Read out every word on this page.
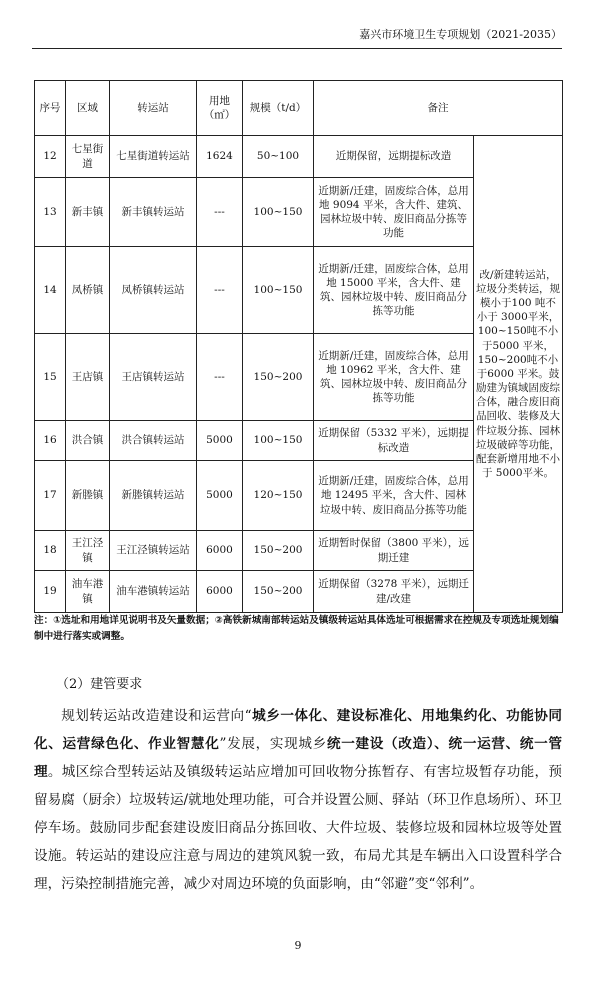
嘉兴市环境卫生专项规划（2021-2035）
序号	区域	转运站	用地（㎡）	规模（t/d）	备注	
12	七星街道	七星街道转运站	1624	50~100	近期保留，远期提标改造	改/新建转运站，垃圾分类转运，规模小于100 吨不小于 3000平米，100~150吨不小于5000 平米，150~200吨不小于6000 平米。鼓励建为镇域固废综合体，融合废旧商品回收、装修及大件垃圾分拣、园林垃圾破碎等功能，配套新增用地不小于 5000平米。
13	新丰镇	新丰镇转运站	---	100~150	近期新/迁建，固废综合体，总用地 9094 平米，含大件、建筑、园林垃圾中转、废旧商品分拣等功能	
14	凤桥镇	凤桥镇转运站	---	100~150	近期新/迁建，固废综合体，总用地 15000 平米，含大件、建筑、园林垃圾中转、废旧商品分拣等功能	
15	王店镇	王店镇转运站	---	150~200	近期新/迁建，固废综合体，总用地 10962 平米，含大件、建筑、园林垃圾中转、废旧商品分拣等功能	
16	洪合镇	洪合镇转运站	5000	100~150	近期保留（5332 平米），远期提标改造	
17	新塍镇	新塍镇转运站	5000	120~150	近期新/迁建，固废综合体，总用地 12495 平米，含大件、园林垃圾中转、废旧商品分拣等功能	
18	王江泾镇	王江泾镇转运站	6000	150~200	近期暂时保留（3800 平米），远期迁建	
19	油车港镇	油车港镇转运站	6000	150~200	近期保留（3278 平米），远期迁建/改建	
注：①选址和用地详见说明书及矢量数据；②高铁新城南部转运站及镇级转运站具体选址可根据需求在控规及专项选址规划编制中进行落实或调整。
（2）建管要求

规划转运站改造建设和运营向“城乡一体化、建设标准化、用地集约化、功能协同化、运营绿色化、作业智慧化”发展，实现城乡统一建设（改造）、统一运营、统一管理。城区综合型转运站及镇级转运站应增加可回收物分拣暂存、有害垃圾暂存功能，预留易腐（厨余）垃圾转运/就地处理功能，可合并设置公厕、驿站（环卫作息场所）、环卫停车场。鼓励同步配套建设废旧商品分拣回收、大件垃圾、装修垃圾和园林垃圾等处置设施。转运站的建设应注意与周边的建筑风貌一致，布局尤其是车辆出入口设置科学合理，污染控制措施完善，减少对周边环境的负面影响，由“邻避”变“邻利”。

9
